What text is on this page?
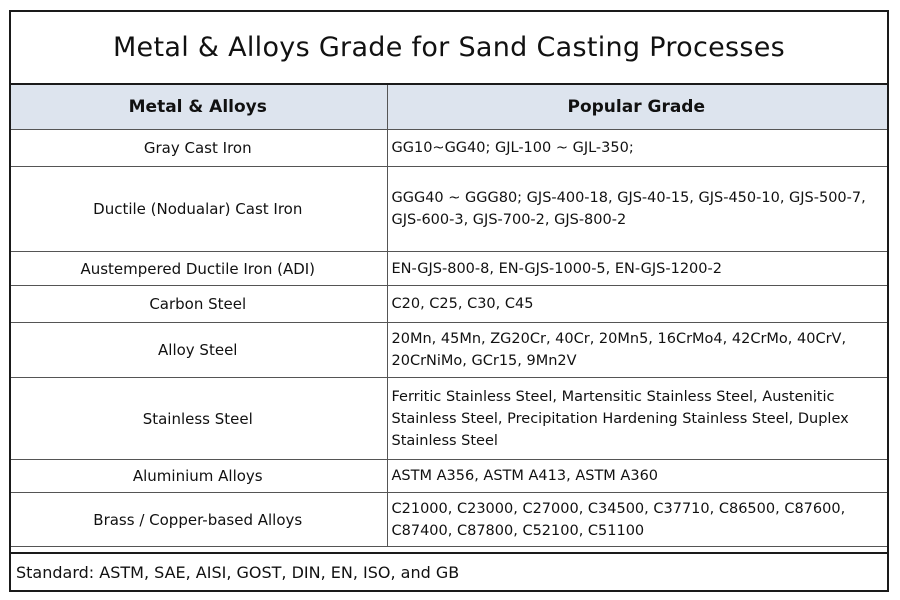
Metal & Alloys Grade for Sand Casting Processes
Metal & Alloys	Popular Grade
Gray Cast Iron	GG10~GG40; GJL-100 ~ GJL-350;
Ductile (Nodualar) Cast Iron	GGG40 ~ GGG80; GJS-400-18, GJS-40-15, GJS-450-10, GJS-500-7, GJS-600-3, GJS-700-2, GJS-800-2
Austempered Ductile Iron (ADI)	EN-GJS-800-8, EN-GJS-1000-5, EN-GJS-1200-2
Carbon Steel	C20, C25, C30, C45
Alloy Steel	20Mn, 45Mn, ZG20Cr, 40Cr, 20Mn5, 16CrMo4, 42CrMo, 40CrV, 20CrNiMo, GCr15, 9Mn2V
Stainless Steel	Ferritic Stainless Steel, Martensitic Stainless Steel, Austenitic Stainless Steel, Precipitation Hardening Stainless Steel, Duplex Stainless Steel
Aluminium Alloys	ASTM A356, ASTM A413, ASTM A360
Brass / Copper-based Alloys	C21000, C23000, C27000, C34500, C37710, C86500, C87600, C87400, C87800, C52100, C51100
Standard: ASTM, SAE, AISI, GOST, DIN, EN, ISO, and GB
